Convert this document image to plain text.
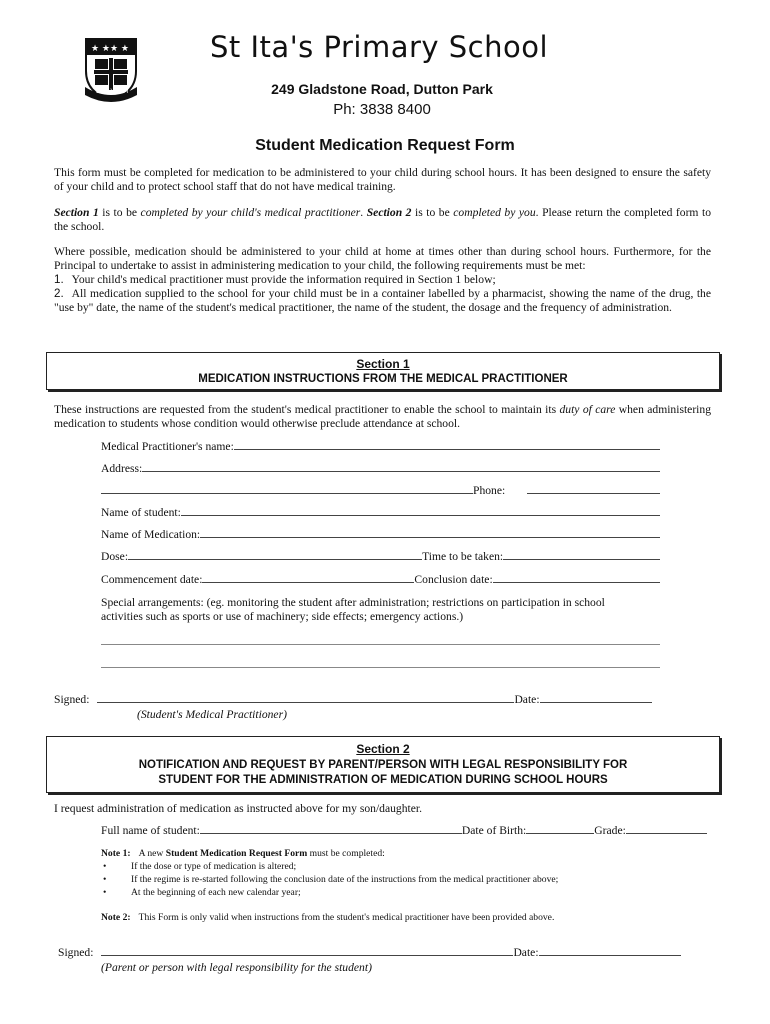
★ ★★ ★
SERVIAM
St Ita's Primary School
249 Gladstone Road, Dutton Park
Ph: 3838 8400
Student Medication Request Form
This form must be completed for medication to be administered to your child during school hours. It has been designed to ensure the safety of your child and to protect school staff that do not have medical training.
Section 1 is to be completed by your child's medical practitioner. Section 2 is to be completed by you. Please return the completed form to the school.
Where possible, medication should be administered to your child at home at times other than during school hours. Furthermore, for the Principal to undertake to assist in administering medication to your child, the following requirements must be met:
1. Your child's medical practitioner must provide the information required in Section 1 below;
2. All medication supplied to the school for your child must be in a container labelled by a pharmacist, showing the name of the drug, the "use by" date, the name of the student's medical practitioner, the name of the student, the dosage and the frequency of administration.
Section 1
MEDICATION INSTRUCTIONS FROM THE MEDICAL PRACTITIONER
These instructions are requested from the student's medical practitioner to enable the school to maintain its duty of care when administering medication to students whose condition would otherwise preclude attendance at school.
Medical Practitioner's name:
Address:
Phone:
Name of student:
Name of Medication:
Dose:	Time to be taken:
Commencement date:	Conclusion date:
Special arrangements: (eg. monitoring the student after administration; restrictions on participation in school activities such as sports or use of machinery; side effects; emergency actions.)
Signed:	Date:
(Student's Medical Practitioner)
Section 2
NOTIFICATION AND REQUEST BY PARENT/PERSON WITH LEGAL RESPONSIBILITY FOR
STUDENT FOR THE ADMINISTRATION OF MEDICATION DURING SCHOOL HOURS
I request administration of medication as instructed above for my son/daughter.
Full name of student:	Date of Birth:	Grade:
Note 1: A new Student Medication Request Form must be completed:
• If the dose or type of medication is altered;
• If the regime is re-started following the conclusion date of the instructions from the medical practitioner above;
• At the beginning of each new calendar year;
Note 2: This Form is only valid when instructions from the student's medical practitioner have been provided above.
Signed:	Date:
(Parent or person with legal responsibility for the student)
